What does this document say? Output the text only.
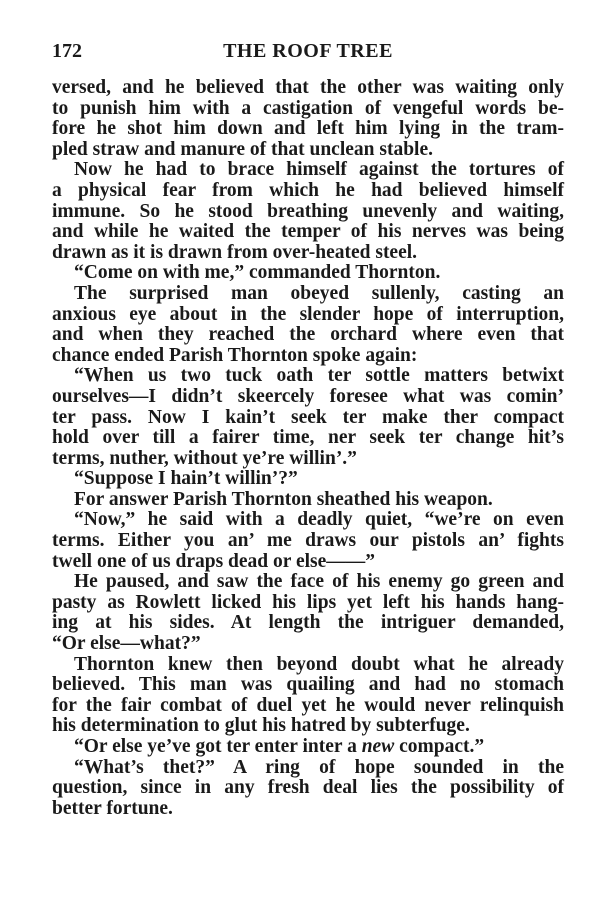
172	THE ROOF TREE
versed, and he believed that the other was waiting only
to punish him with a castigation of vengeful words be-
fore he shot him down and left him lying in the tram-
pled straw and manure of that unclean stable.
Now he had to brace himself against the tortures of
a physical fear from which he had believed himself
immune. So he stood breathing unevenly and waiting,
and while he waited the temper of his nerves was being
drawn as it is drawn from over-heated steel.
“Come on with me,” commanded Thornton.
The surprised man obeyed sullenly, casting an
anxious eye about in the slender hope of interruption,
and when they reached the orchard where even that
chance ended Parish Thornton spoke again:
“When us two tuck oath ter sottle matters betwixt
ourselves—I didn’t skeercely foresee what was comin’
ter pass. Now I kain’t seek ter make ther compact
hold over till a fairer time, ner seek ter change hit’s
terms, nuther, without ye’re willin’.”
“Suppose I hain’t willin’?”
For answer Parish Thornton sheathed his weapon.
“Now,” he said with a deadly quiet, “we’re on even
terms. Either you an’ me draws our pistols an’ fights
twell one of us draps dead or else——”
He paused, and saw the face of his enemy go green and
pasty as Rowlett licked his lips yet left his hands hang-
ing at his sides. At length the intriguer demanded,
“Or else—what?”
Thornton knew then beyond doubt what he already
believed. This man was quailing and had no stomach
for the fair combat of duel yet he would never relinquish
his determination to glut his hatred by subterfuge.
“Or else ye’ve got ter enter inter a new compact.”
“What’s thet?” A ring of hope sounded in the
question, since in any fresh deal lies the possibility of
better fortune.
